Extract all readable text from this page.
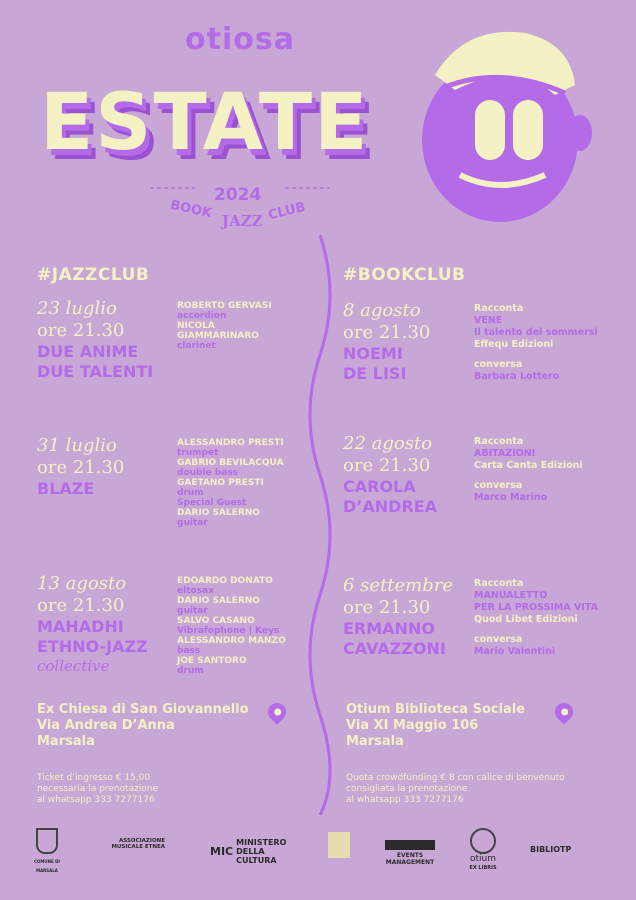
otiosa
ESTATE
2024
BOOK JAZZ CLUB
#JAZZCLUB
23 luglio
ore 21.30
DUE ANIME
DUE TALENTI
ROBERTO GERVASI
accordion
NICOLA GIAMMARINARO
clarinet
31 luglio
ore 21.30
BLAZE
ALESSANDRO PRESTI
trumpet
GABRIO BEVILACQUA
double bass
GAETANO PRESTI
drum
Special Guest
DARIO SALERNO
guitar
13 agosto
ore 21.30
MAHADHI
ETHNO-JAZZ
collective
EDOARDO DONATO
eltosax
DARIO SALERNO
guitar
SALVO CASANO
Vibrafophone | Keys
ALESSANDRO MANZO
bass
JOE SANTORO
drum
8 agosto
ore 21.30
NOEMI
DE LISI
Racconta
VENE
Il talento dei sommersi
Effequ Edizioni
conversa
Barbara Lottero
22 agosto
ore 21.30
CAROLA
D’ANDREA
Racconta
ABITAZIONI
Carta Canta Edizioni
conversa
Marco Marino
6 settembre
ore 21.30
ERMANNO
CAVAZZONI
Racconta
MANUALETTO
PER LA PROSSIMA VITA
Quod Libet Edizioni
conversa
Mario Valentini
#BOOKCLUB
Ex Chiesa di San Giovannello
Via Andrea D’Anna
Marsala
Otium Biblioteca Sociale
Via XI Maggio 106
Marsala
Ticket d’ingresso € 15,00
necessaria la prenotazione
al whatsapp 333 7277176
Quota crowdfunding € 8 con calice di benvenuto
consigliata la prenotazione
al whatsapp 333 7277176
COMUNE DI MARSALA
ASSOCIAZIONE MUSICALE ETNEA	MIC
MINISTERO
DELLA
CULTURA
EVENTS
MANAGEMENT	otium
EX LIBRIS
BIBLIOTP
